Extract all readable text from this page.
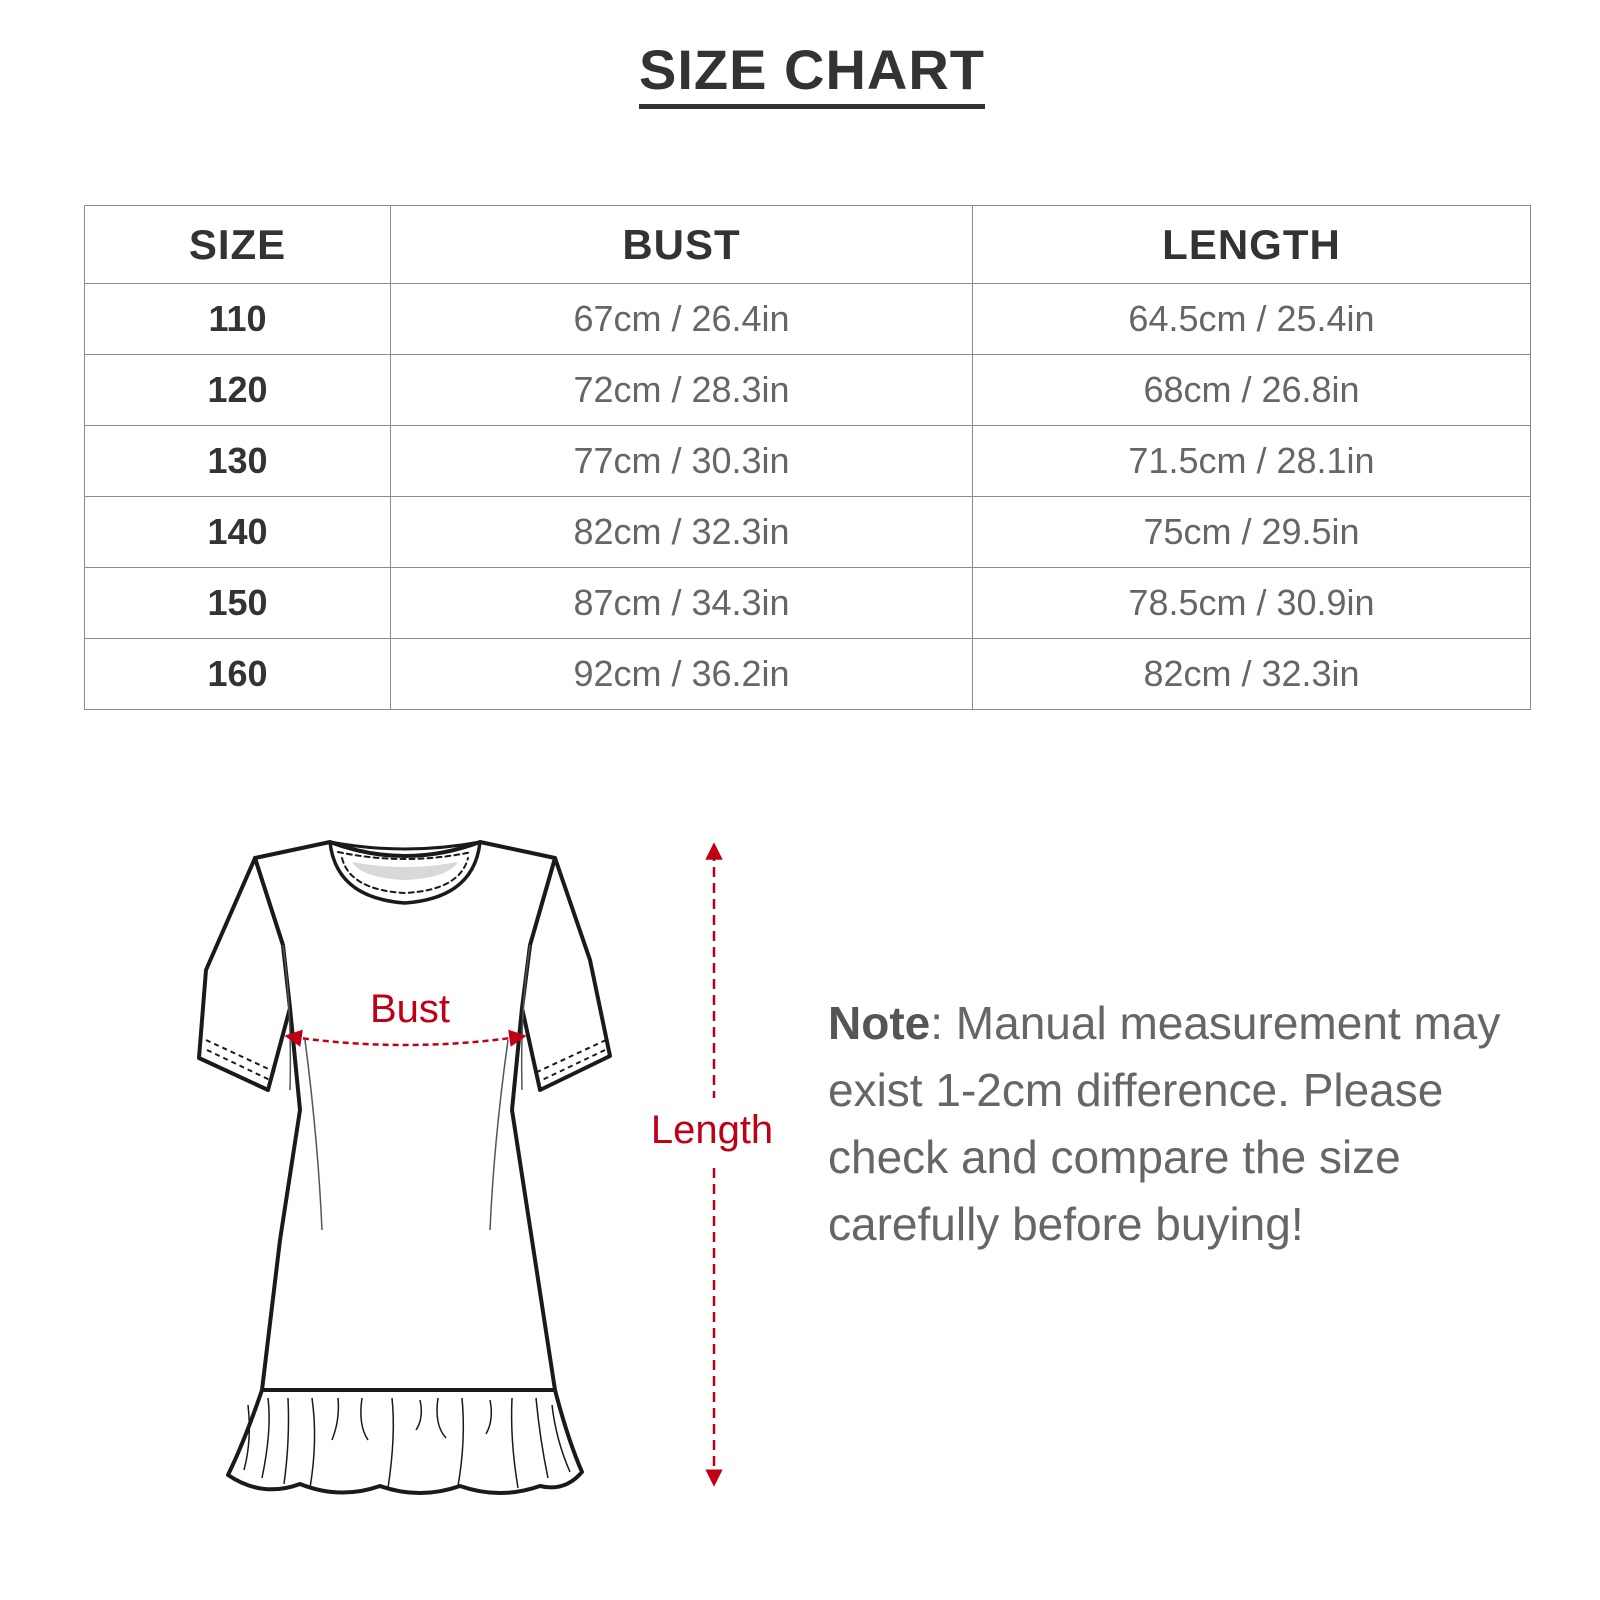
SIZE CHART
SIZE	BUST	LENGTH
110	67cm / 26.4in	64.5cm / 25.4in
120	72cm / 28.3in	68cm / 26.8in
130	77cm / 30.3in	71.5cm / 28.1in
140	82cm / 32.3in	75cm / 29.5in
150	87cm / 34.3in	78.5cm / 30.9in
160	92cm / 36.2in	82cm / 32.3in
Bust
Length
Note: Manual measurement may exist 1-2cm difference. Please check and compare the size carefully before buying!
